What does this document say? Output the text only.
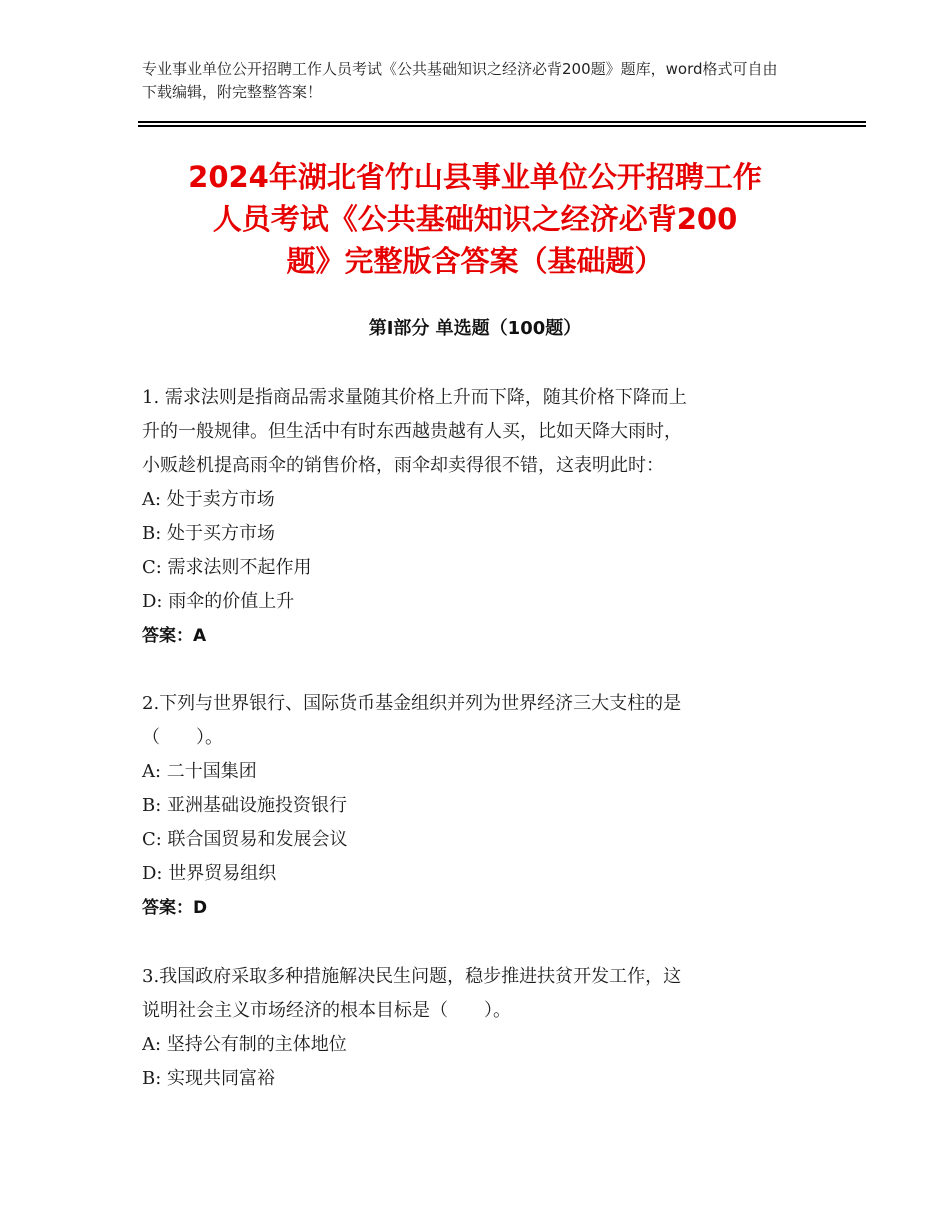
专业事业单位公开招聘工作人员考试《公共基础知识之经济必背200题》题库，word格式可自由下载编辑，附完整整答案！
2024年湖北省竹山县事业单位公开招聘工作
人员考试《公共基础知识之经济必背200
题》完整版含答案（基础题）
第Ⅰ部分 单选题（100题）
1. 需求法则是指商品需求量随其价格上升而下降，随其价格下降而上
升的一般规律。但生活中有时东西越贵越有人买，比如天降大雨时，
小贩趁机提高雨伞的销售价格，雨伞却卖得很不错，这表明此时：
A: 处于卖方市场
B: 处于买方市场
C: 需求法则不起作用
D: 雨伞的价值上升
答案：A
2.下列与世界银行、国际货币基金组织并列为世界经济三大支柱的是
（　　）。
A: 二十国集团
B: 亚洲基础设施投资银行
C: 联合国贸易和发展会议
D: 世界贸易组织
答案：D
3.我国政府采取多种措施解决民生问题，稳步推进扶贫开发工作，这
说明社会主义市场经济的根本目标是（　　）。
A: 坚持公有制的主体地位
B: 实现共同富裕
